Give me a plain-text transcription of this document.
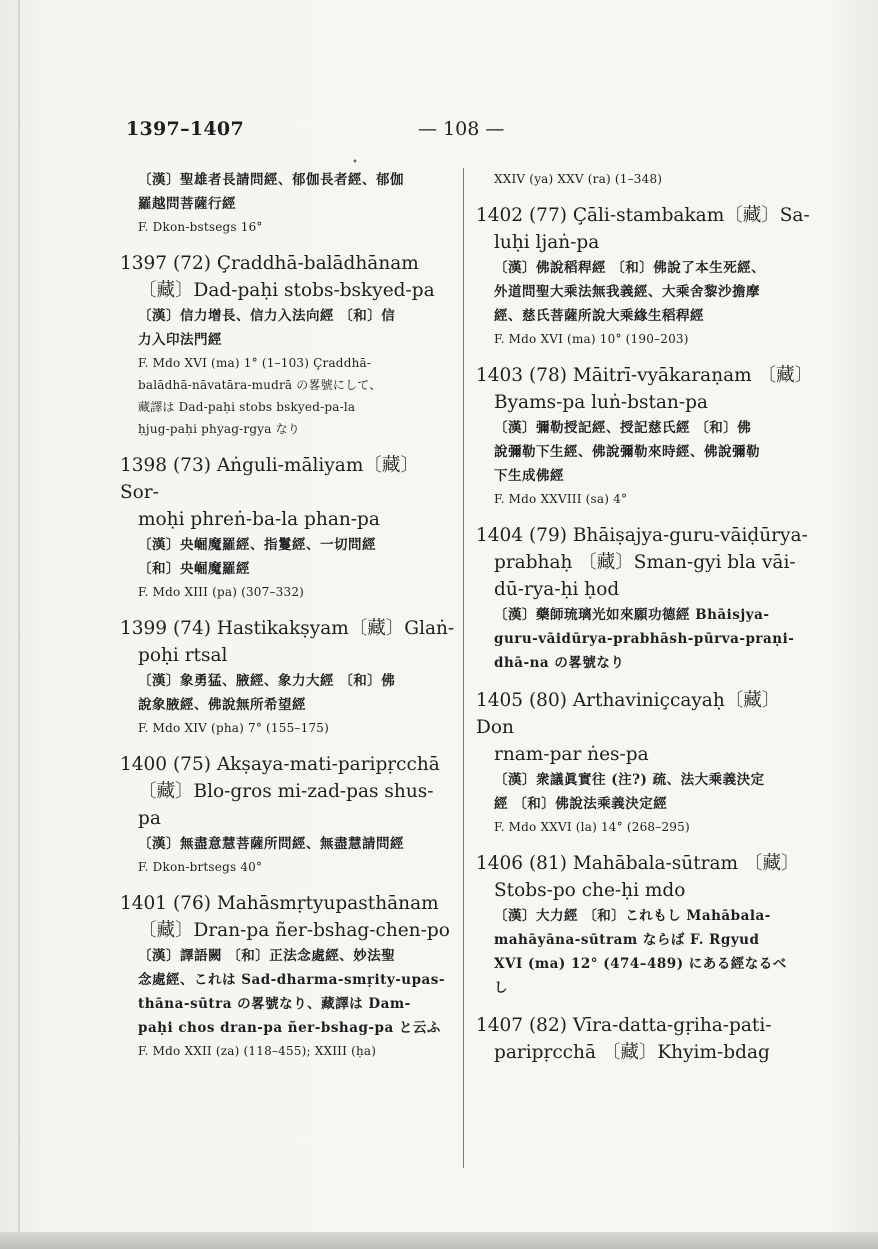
1397–1407	— 108 —
•
〔漢〕聖雄者長請問經、郁伽長者經、郁伽
羅越問菩薩行經
F. Dkon-bstsegs 16°
1397 (72) Çraddhā-balādhānam
〔藏〕Dad-paḥi stobs-bskyed-pa
〔漢〕信力增長、信力入法向經 〔和〕信
力入印法門經
F. Mdo XVI (ma) 1° (1–103) Çraddhā-
balādhā-nāvatāra-mudrā の畧號にして、
藏譯は Dad-paḥi stobs bskyed-pa-la
ḥjug-paḥi phyag-rgya なり
1398 (73) Aṅguli-māliyam〔藏〕Sor-
moḥi phreṅ-ba-la phan-pa
〔漢〕央崛魔羅經、指鬘經、一切問經
〔和〕央崛魔羅經
F. Mdo XIII (pa) (307–332)
1399 (74) Hastikakṣyam〔藏〕Glaṅ-
poḥi rtsal
〔漢〕象勇猛、腋經、象力大經 〔和〕佛
說象腋經、佛說無所希望經
F. Mdo XIV (pha) 7° (155–175)
1400 (75) Akṣaya-mati-paripṛcchā
〔藏〕Blo-gros mi-zad-pas shus-pa
〔漢〕無盡意慧菩薩所問經、無盡慧請問經
F. Dkon-brtsegs 40°
1401 (76) Mahāsmṛtyupasthānam
〔藏〕Dran-pa ñer-bshag-chen-po
〔漢〕譯語闕 〔和〕正法念處經、妙法聖
念處經、これは Sad-dharma-smṛity-upas-
thāna-sūtra の畧號なり、藏譯は Dam-
paḥi chos dran-pa ñer-bshag-pa と云ふ
F. Mdo XXII (za) (118–455); XXIII (ḥa)
XXIV (ya) XXV (ra) (1–348)
1402 (77) Çāli-stambakam〔藏〕Sa-
luḥi ljaṅ-pa
〔漢〕佛說稻稈經 〔和〕佛說了本生死經、
外道問聖大乘法無我義經、大乘舍黎沙擔摩
經、慈氏菩薩所說大乘緣生稻稈經
F. Mdo XVI (ma) 10° (190–203)
1403 (78) Māitrī-vyākaraṇam 〔藏〕
Byams-pa luṅ-bstan-pa
〔漢〕彌勒授記經、授記慈氏經 〔和〕佛
說彌勒下生經、佛說彌勒來時經、佛說彌勒
下生成佛經
F. Mdo XXVIII (sa) 4°
1404 (79) Bhāiṣajya-guru-vāiḍūrya-
prabhaḥ 〔藏〕Sman-gyi bla vāi-
dū-rya-ḥi ḥod
〔漢〕藥師琉璃光如來願功德經 Bhāisjya-
guru-vāidūrya-prabhāsh-pūrva-praṇi-
dhā-na の畧號なり
1405 (80) Arthaviniçcayaḥ〔藏〕Don
rnam-par ṅes-pa
〔漢〕衆議眞實往 (注?) 疏、法大乘義決定
經 〔和〕佛說法乘義決定經
F. Mdo XXVI (la) 14° (268–295)
1406 (81) Mahābala-sūtram 〔藏〕
Stobs-po che-ḥi mdo
〔漢〕大力經 〔和〕これもし Mahābala-
mahāyāna-sūtram ならば F. Rgyud
XVI (ma) 12° (474–489) にある經なるべ
し
1407 (82) Vīra-datta-gṛiha-pati-
paripṛcchā 〔藏〕Khyim-bdag
